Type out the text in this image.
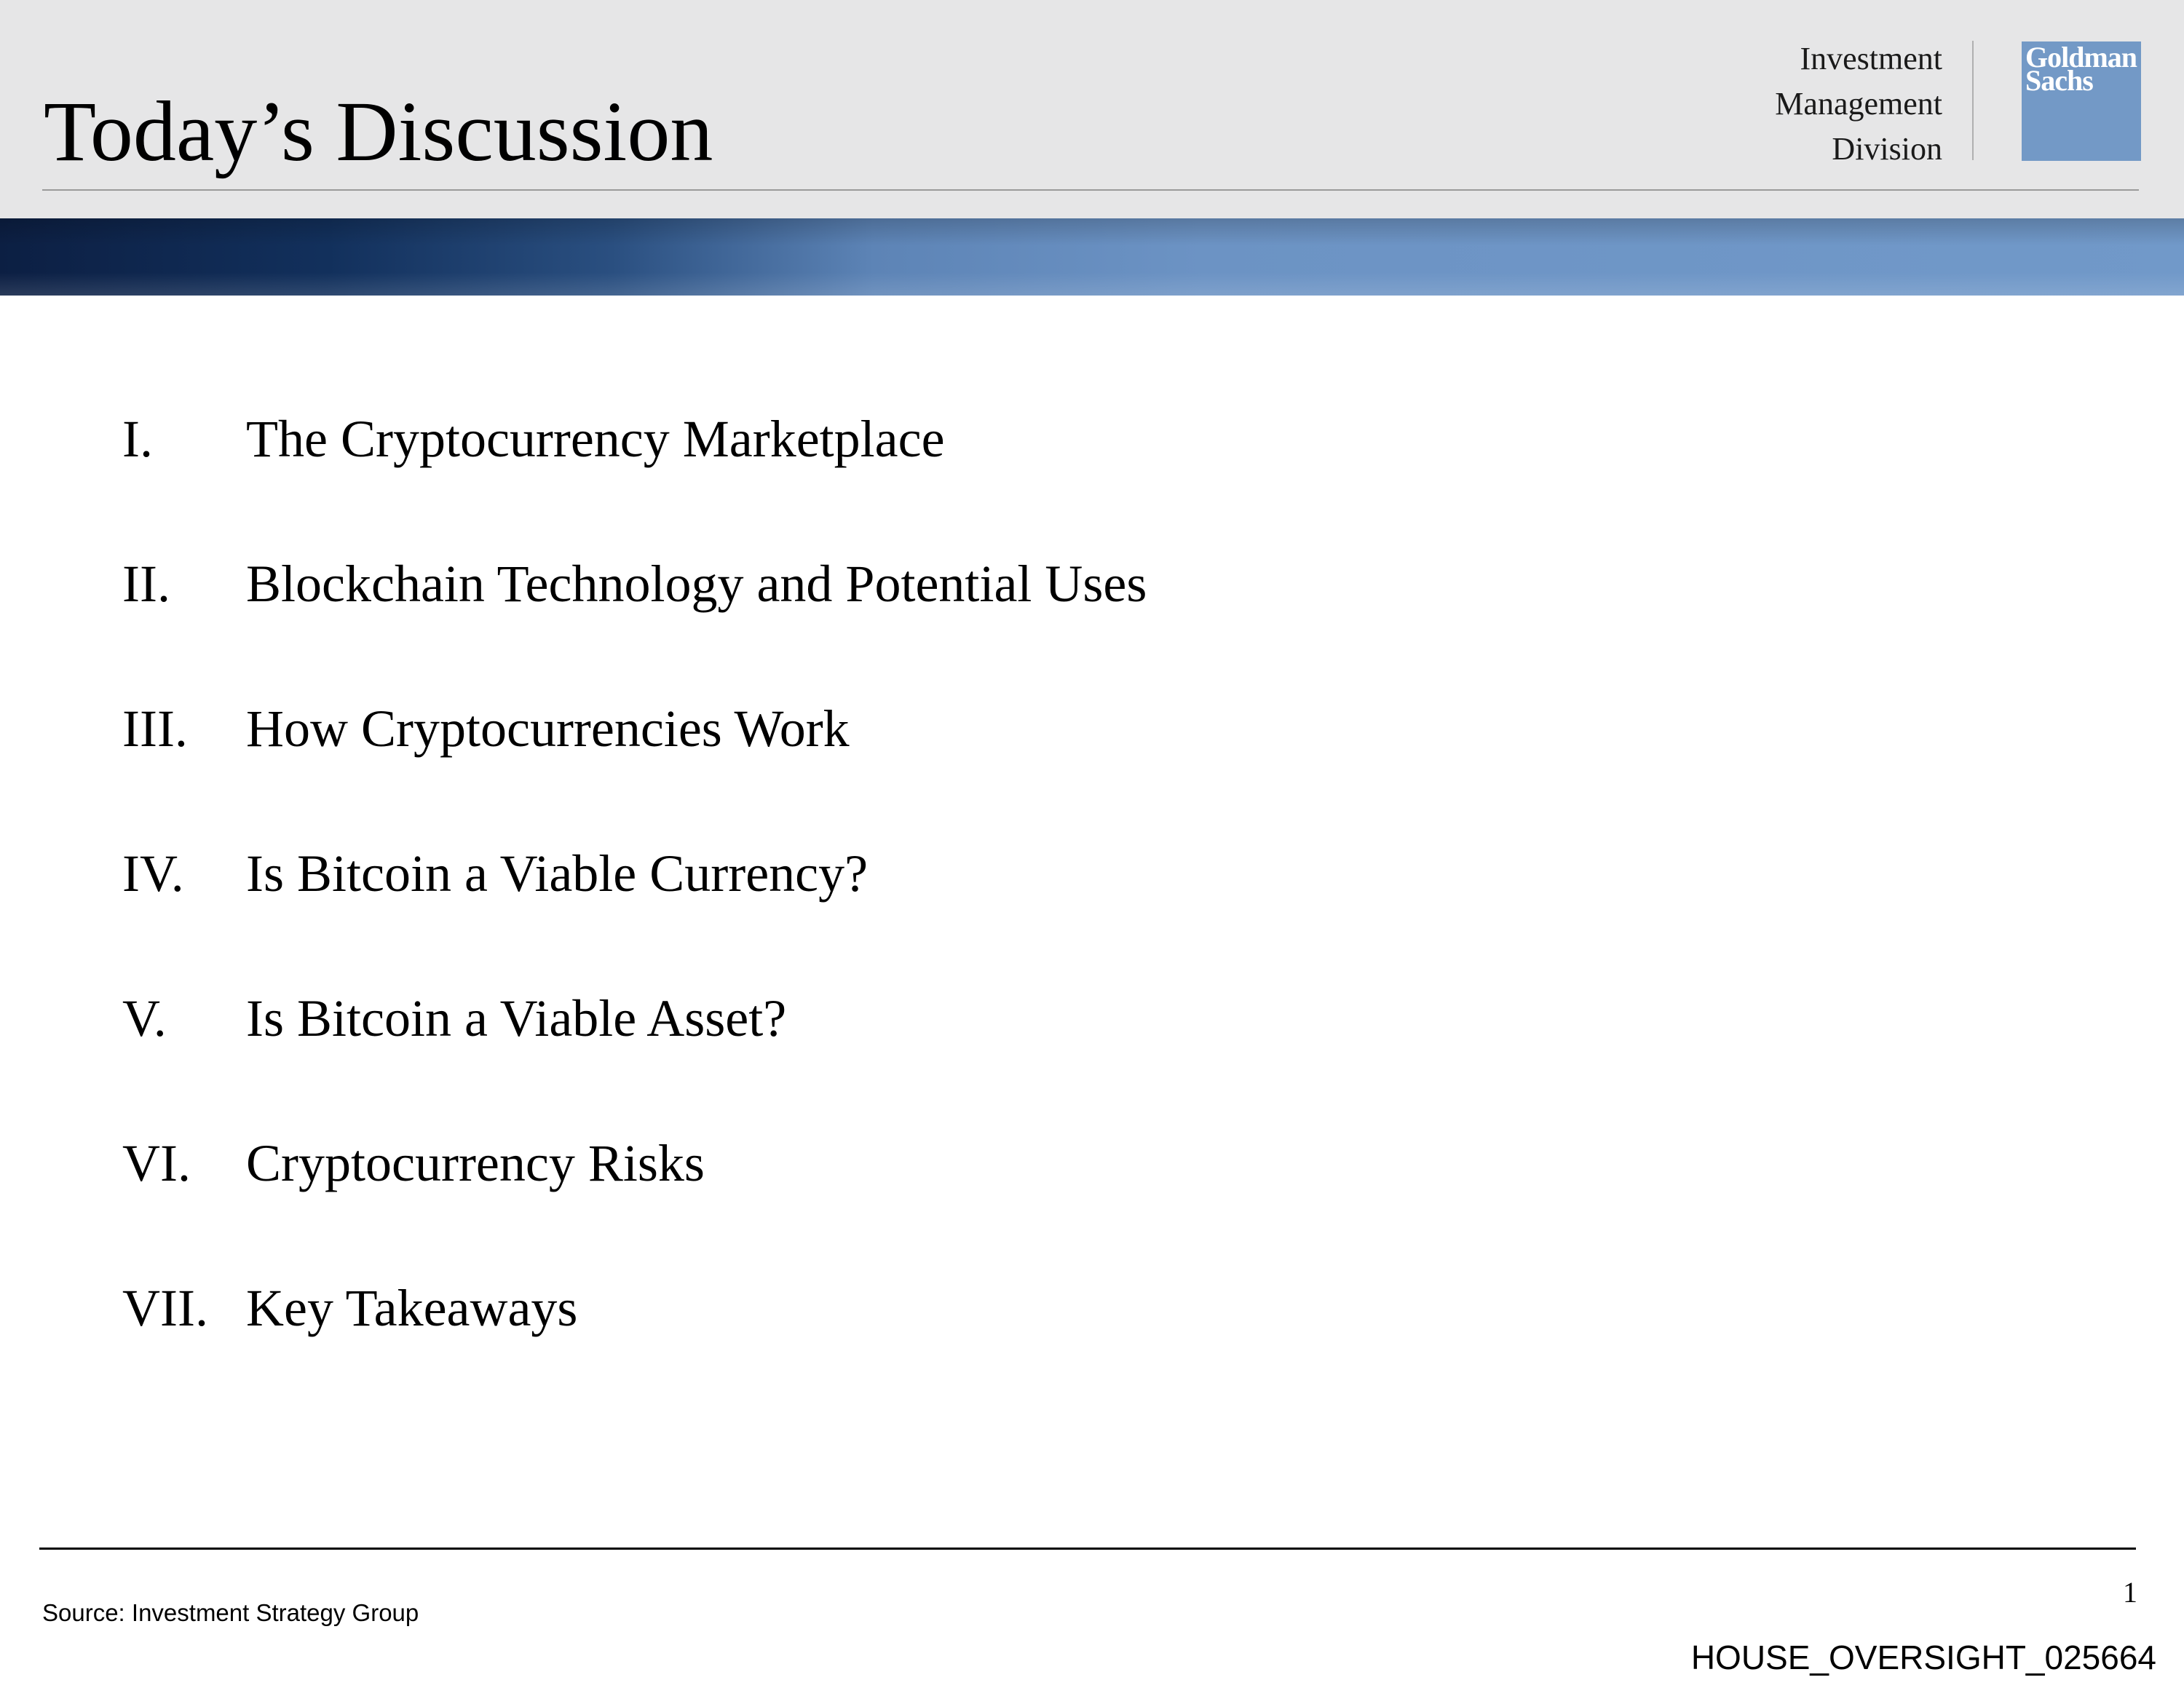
Today’s Discussion
Investment
Management
Division
Goldman
Sachs
I. The Cryptocurrency Marketplace
II. Blockchain Technology and Potential Uses
III. How Cryptocurrencies Work
IV. Is Bitcoin a Viable Currency?
V. Is Bitcoin a Viable Asset?
VI. Cryptocurrency Risks
VII. Key Takeaways
Source: Investment Strategy Group
1
HOUSE_OVERSIGHT_025664
